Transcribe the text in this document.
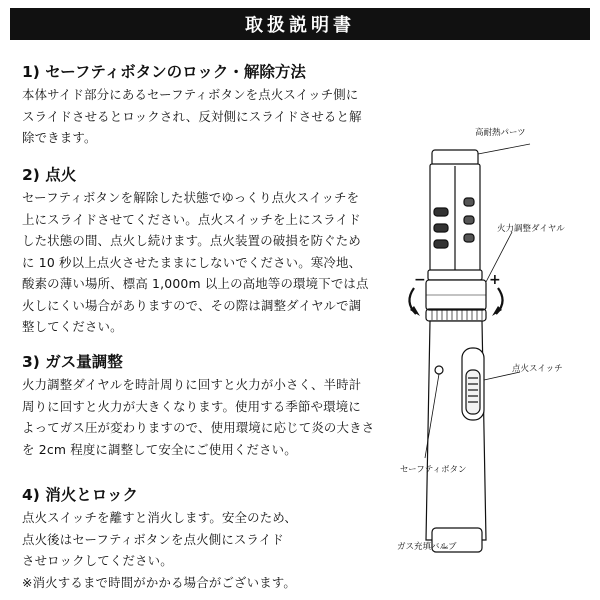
取扱説明書
1) セーフティボタンのロック・解除方法

本体サイド部分にあるセーフティボタンを点火スイッチ側に
スライドさせるとロックされ、反対側にスライドさせると解
除できます。

2) 点火

セーフティボタンを解除した状態でゆっくり点火スイッチを
上にスライドさせてください。点火スイッチを上にスライド
した状態の間、点火し続けます。点火装置の破損を防ぐため
に 10 秒以上点火させたままにしないでください。寒冷地、
酸素の薄い場所、標高 1,000m 以上の高地等の環境下では点
火しにくい場合がありますので、その際は調整ダイヤルで調
整してください。

3) ガス量調整

火力調整ダイヤルを時計周りに回すと火力が小さく、半時計
周りに回すと火力が大きくなります。使用する季節や環境に
よってガス圧が変わりますので、使用環境に応じて炎の大きさ
を 2cm 程度に調整して安全にご使用ください。

4) 消火とロック

点火スイッチを離すと消火します。安全のため、
点火後はセーフティボタンを点火側にスライド
させロックしてください。
※消火するまで時間がかかる場合がございます。

−	+
高耐熱パーツ
火力調整ダイヤル
点火スイッチ
セーフティボタン
ガス充填バルブ
